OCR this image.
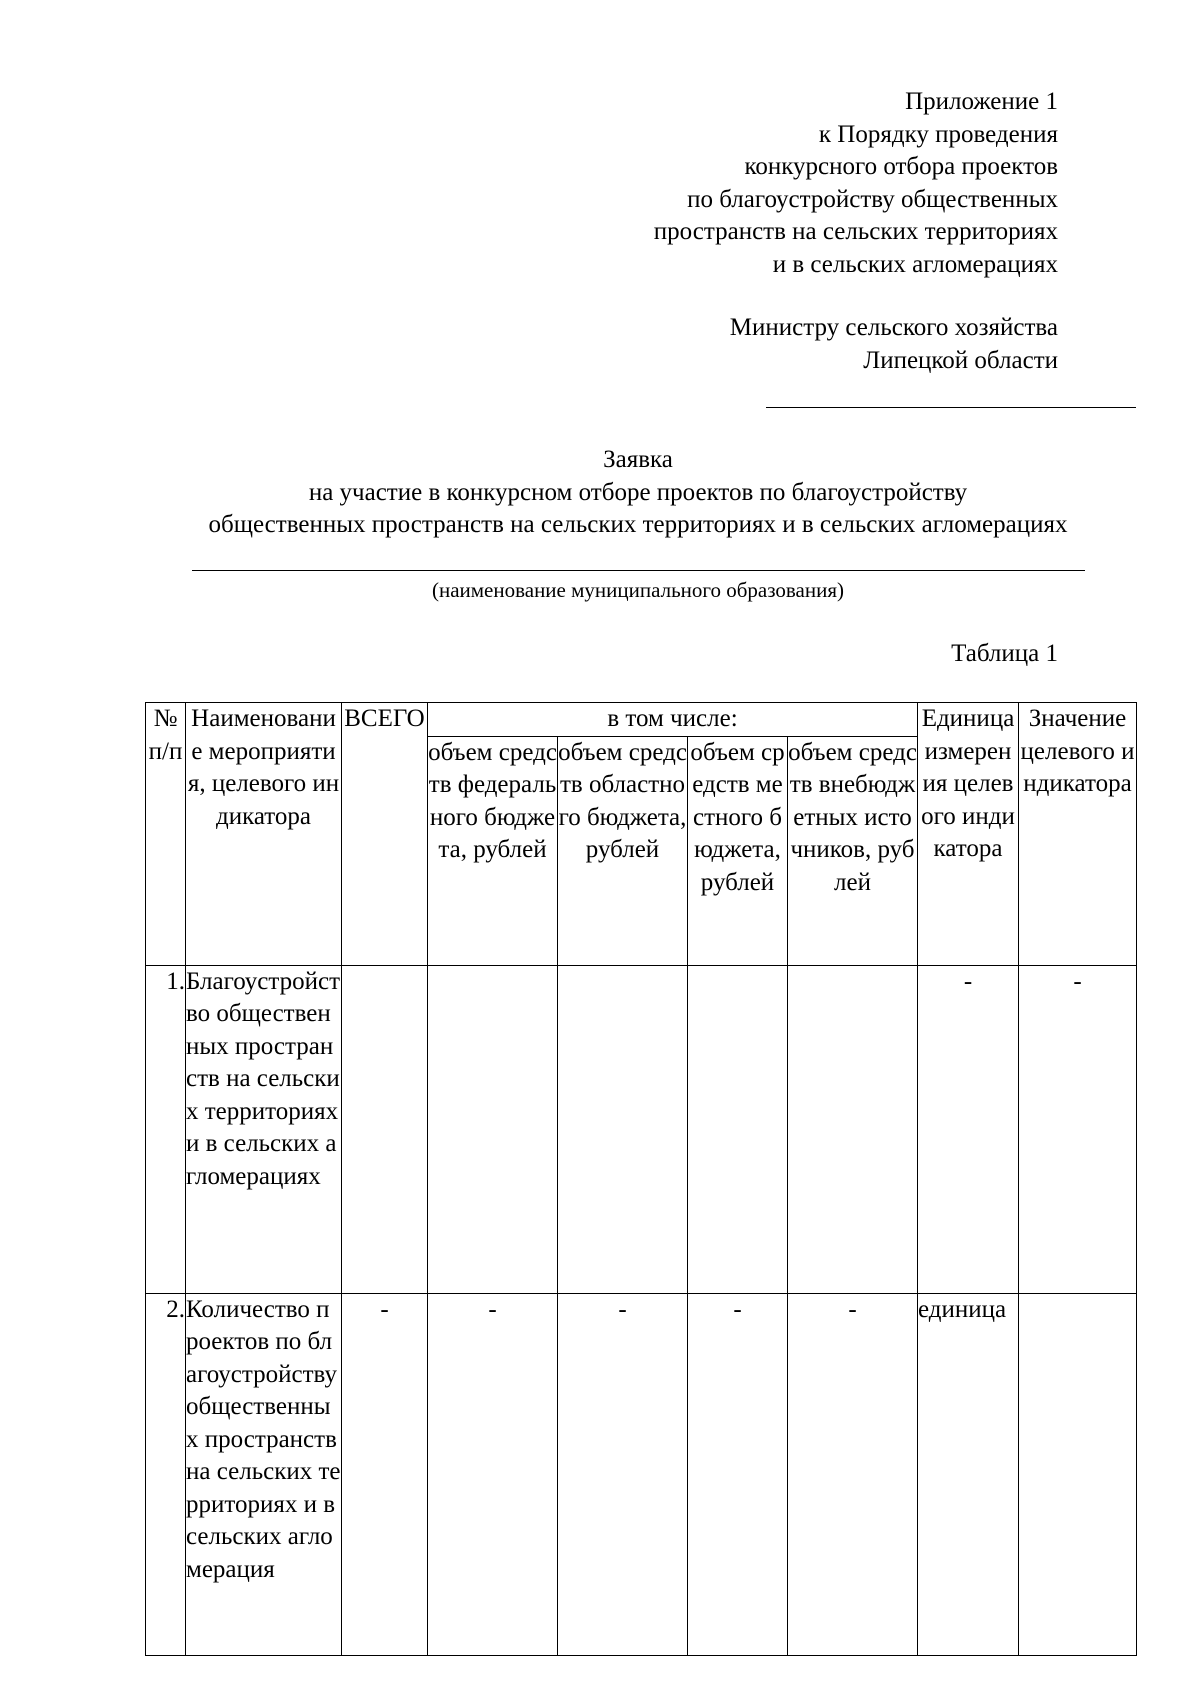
Приложение 1
к Порядку проведения
конкурсного отбора проектов
по благоустройству общественных
пространств на сельских территориях
и в сельских агломерациях
Министру сельского хозяйства
Липецкой области
Заявка
на участие в конкурсном отборе проектов по благоустройству
общественных пространств на сельских территориях и в сельских агломерациях
(наименование муниципального образования)
Таблица 1
№ п/п	Наименование мероприятия, целевого индикатора	ВСЕГО	в том числе:				Единица измерения целевого индикатора	Значение целевого индикатора
			объем средств федерального бюджета, рублей	объем средств областного бюджета, рублей	объем средств местного бюджета, рублей	объем средств внебюджетных источников, рублей		
1.	Благоустройство общественных пространств на сельских территориях и в сельских агломерациях						-	-
2.	Количество проектов по благоустройству общественных пространств на сельских территориях и в сельских агломерация	-	-	-	-	-	единица	
